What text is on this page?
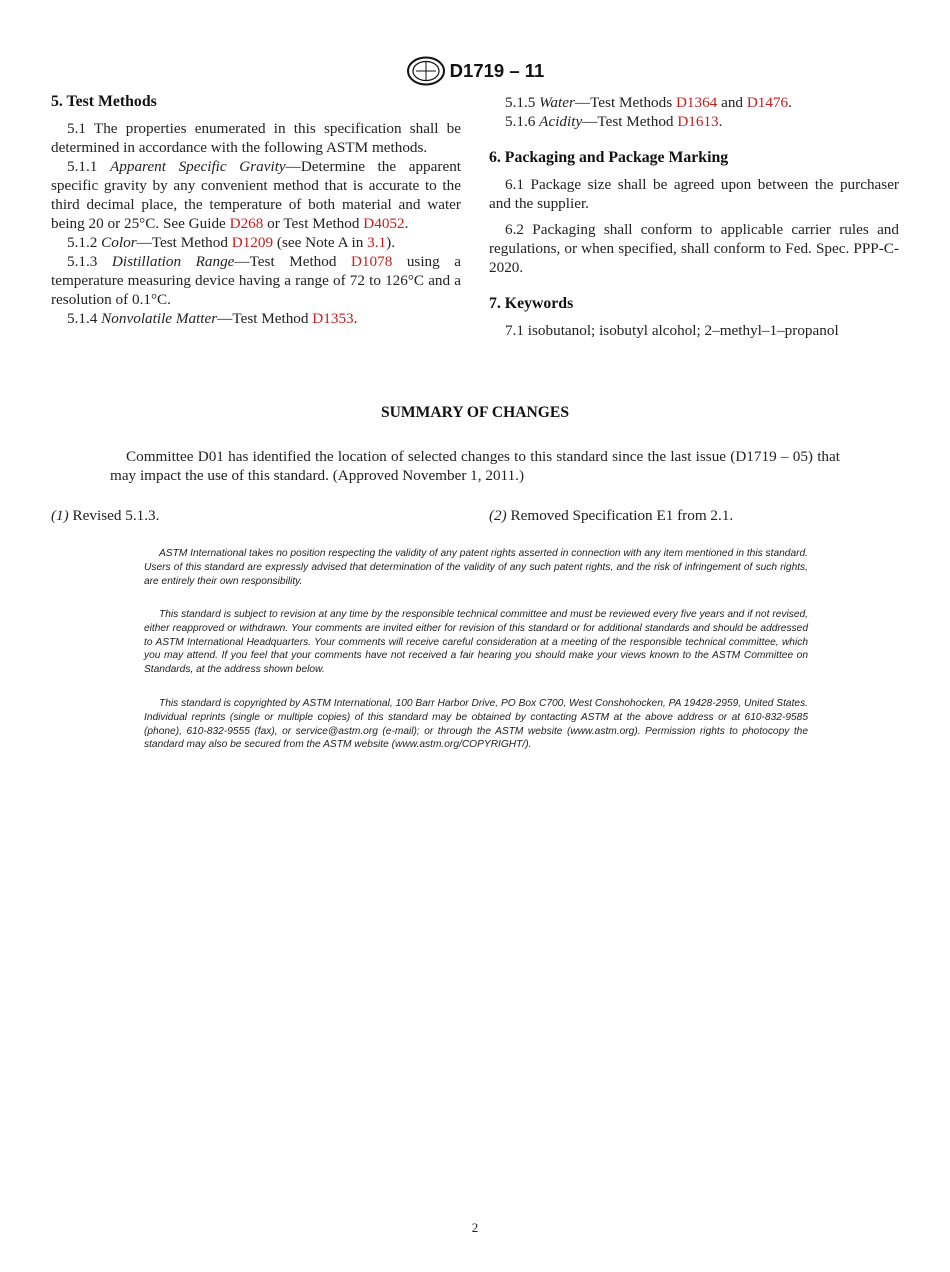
D1719 – 11
5. Test Methods

5.1 The properties enumerated in this specification shall be determined in accordance with the following ASTM methods.

5.1.1 Apparent Specific Gravity—Determine the apparent specific gravity by any convenient method that is accurate to the third decimal place, the temperature of both material and water being 20 or 25°C. See Guide D268 or Test Method D4052.

5.1.2 Color—Test Method D1209 (see Note A in 3.1).

5.1.3 Distillation Range—Test Method D1078 using a temperature measuring device having a range of 72 to 126°C and a resolution of 0.1°C.

5.1.4 Nonvolatile Matter—Test Method D1353.

5.1.5 Water—Test Methods D1364 and D1476.

5.1.6 Acidity—Test Method D1613.

6. Packaging and Package Marking

6.1 Package size shall be agreed upon between the purchaser and the supplier.

6.2 Packaging shall conform to applicable carrier rules and regulations, or when specified, shall conform to Fed. Spec. PPP-C-2020.

7. Keywords

7.1 isobutanol; isobutyl alcohol; 2–methyl–1–propanol

SUMMARY OF CHANGES

Committee D01 has identified the location of selected changes to this standard since the last issue (D1719 – 05) that may impact the use of this standard. (Approved November 1, 2011.)

(1) Revised 5.1.3.	(2) Removed Specification E1 from 2.1.

ASTM International takes no position respecting the validity of any patent rights asserted in connection with any item mentioned in this standard. Users of this standard are expressly advised that determination of the validity of any such patent rights, and the risk of infringement of such rights, are entirely their own responsibility.

This standard is subject to revision at any time by the responsible technical committee and must be reviewed every five years and if not revised, either reapproved or withdrawn. Your comments are invited either for revision of this standard or for additional standards and should be addressed to ASTM International Headquarters. Your comments will receive careful consideration at a meeting of the responsible technical committee, which you may attend. If you feel that your comments have not received a fair hearing you should make your views known to the ASTM Committee on Standards, at the address shown below.

This standard is copyrighted by ASTM International, 100 Barr Harbor Drive, PO Box C700, West Conshohocken, PA 19428-2959, United States. Individual reprints (single or multiple copies) of this standard may be obtained by contacting ASTM at the above address or at 610-832-9585 (phone), 610-832-9555 (fax), or service@astm.org (e-mail); or through the ASTM website (www.astm.org). Permission rights to photocopy the standard may also be secured from the ASTM website (www.astm.org/COPYRIGHT/).

2
